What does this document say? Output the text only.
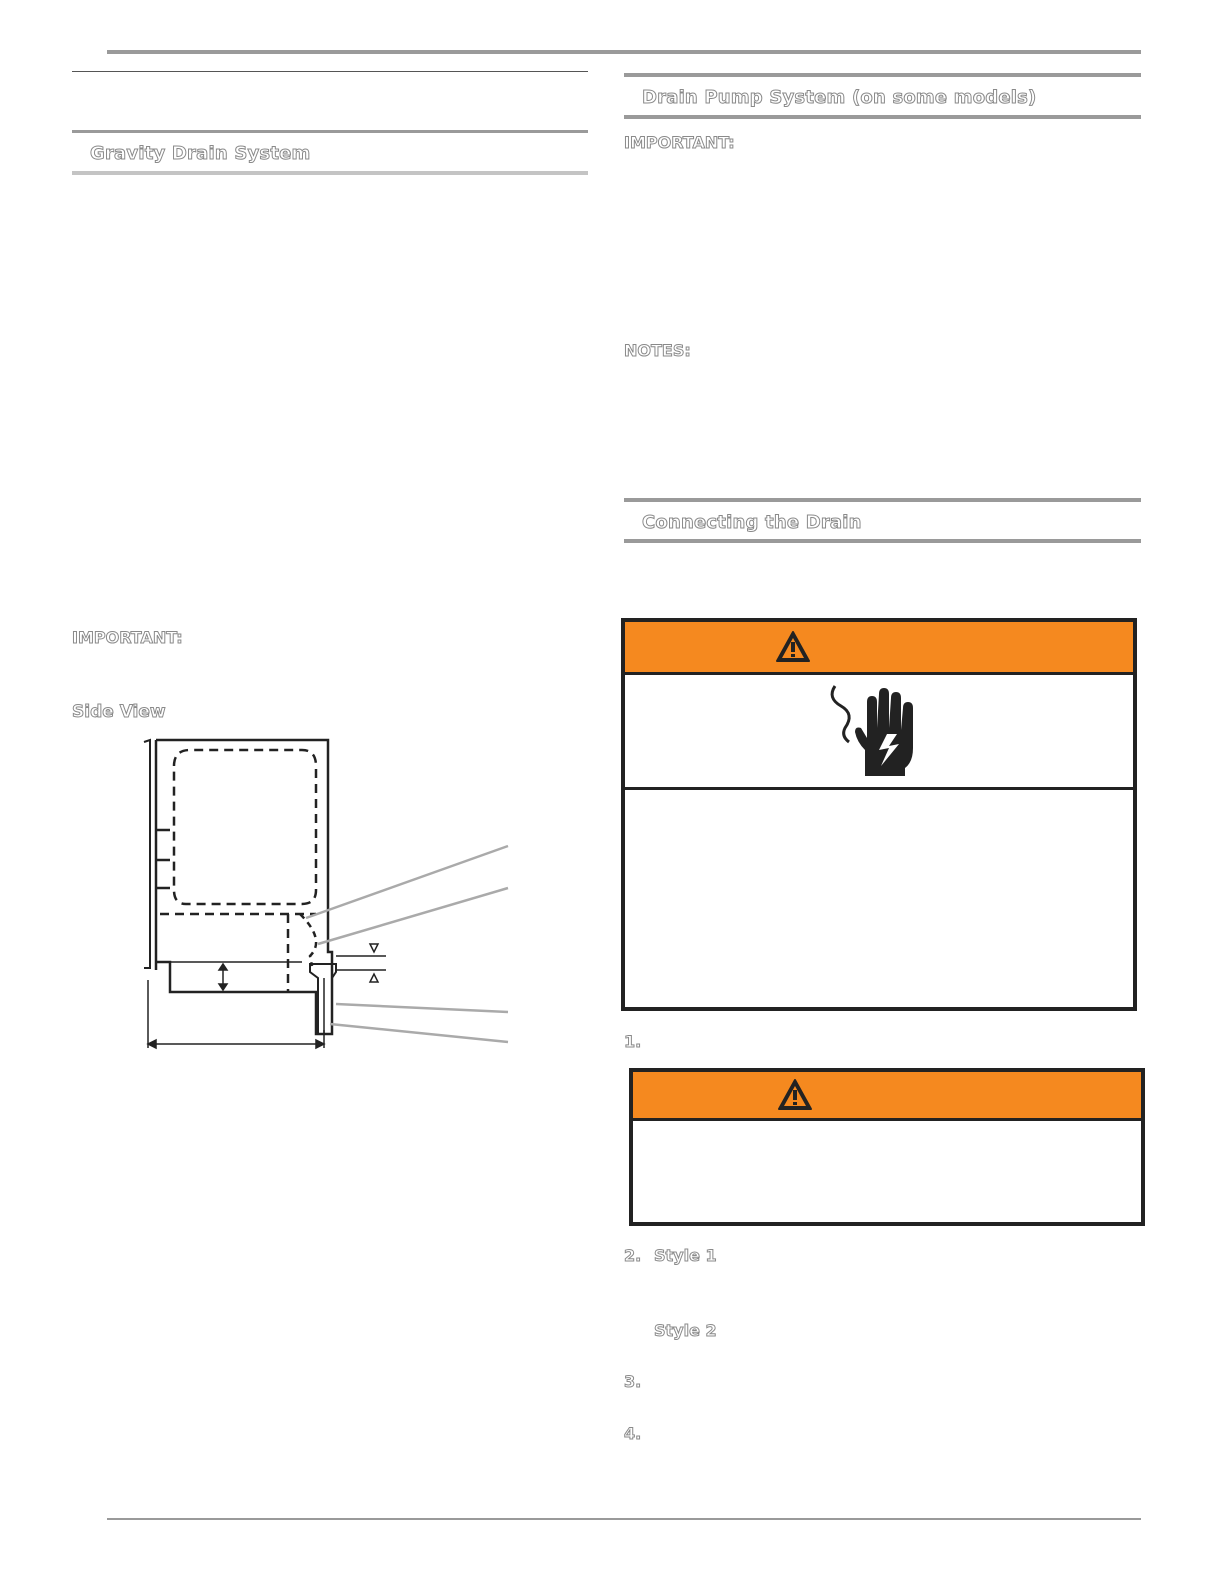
Gravity Drain System
IMPORTANT:
Side View
Drain Pump System (on some models)
IMPORTANT:
NOTES:
Connecting the Drain
1.
2. Style 1
Style 2
3.
4.
